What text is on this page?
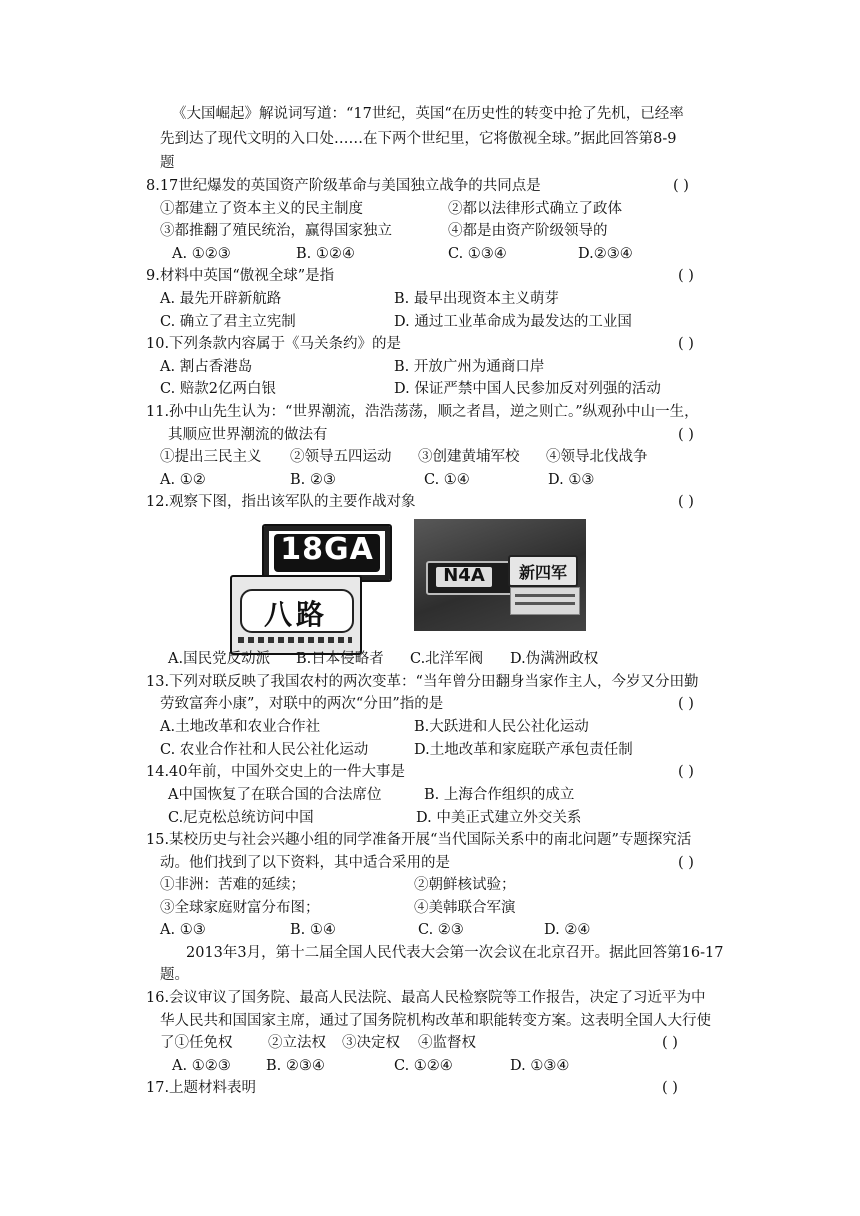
《大国崛起》解说词写道：“17世纪，英国“在历史性的转变中抢了先机，已经率
先到达了现代文明的入口处……在下两个世纪里，它将傲视全球。”据此回答第8-9
题
8.17世纪爆发的英国资产阶级革命与美国独立战争的共同点是	( )
①都建立了资本主义的民主制度	②都以法律形式确立了政体
③都推翻了殖民统治，赢得国家独立	④都是由资产阶级领导的
A. ①②③	B. ①②④	C. ①③④	D.②③④
9.材料中英国“傲视全球”是指	( )
A. 最先开辟新航路	B. 最早出现资本主义萌芽
C. 确立了君主立宪制	D. 通过工业革命成为最发达的工业国
10.下列条款内容属于《马关条约》的是	( )
A. 割占香港岛	B. 开放广州为通商口岸
C. 赔款2亿两白银	D. 保证严禁中国人民参加反对列强的活动
11.孙中山先生认为：“世界潮流，浩浩荡荡，顺之者昌，逆之则亡。”纵观孙中山一生，
其顺应世界潮流的做法有	( )
①提出三民主义 ②领导五四运动 ③创建黄埔军校 ④领导北伐战争
A. ①②	B. ②③	C. ①④	D. ①③
12.观察下图，指出该军队的主要作战对象	( )
18GA
八路
N4A	新四军
A.国民党反动派 B.日本侵略者 C.北洋军阀 D.伪满洲政权
13.下列对联反映了我国农村的两次变革：“当年曾分田翻身当家作主人，今岁又分田勤
劳致富奔小康”，对联中的两次“分田”指的是	( )
A.土地改革和农业合作社	B.大跃进和人民公社化运动
C. 农业合作社和人民公社化运动	D.土地改革和家庭联产承包责任制
14.40年前，中国外交史上的一件大事是	( )
A中国恢复了在联合国的合法席位	B. 上海合作组织的成立
C.尼克松总统访问中国	D. 中美正式建立外交关系
15.某校历史与社会兴趣小组的同学准备开展“当代国际关系中的南北问题”专题探究活
动。他们找到了以下资料，其中适合采用的是	( )
①非洲：苦难的延续；	②朝鲜核试验；
③全球家庭财富分布图；	④美韩联合军演
A. ①③	B. ①④	C. ②③	D. ②④
2013年3月，第十二届全国人民代表大会第一次会议在北京召开。据此回答第16-17
题。
16.会议审议了国务院、最高人民法院、最高人民检察院等工作报告，决定了习近平为中
华人民共和国国家主席，通过了国务院机构改革和职能转变方案。这表明全国人大行使
了①任免权 ②立法权 ③决定权 ④监督权	( )
A. ①②③ B. ②③④	C. ①②④	D. ①③④
17.上题材料表明	( )
